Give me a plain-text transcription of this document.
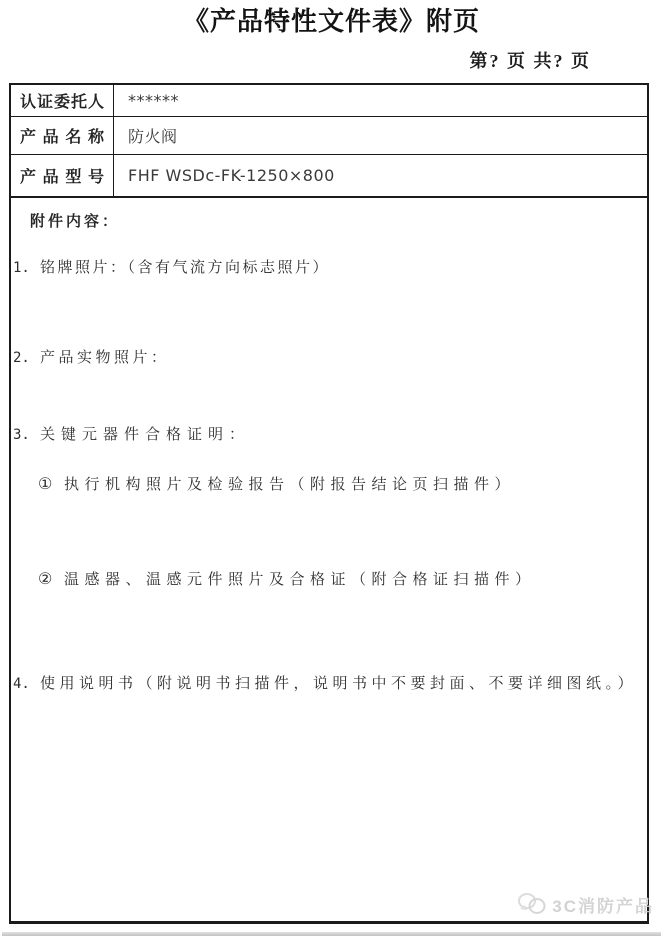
《产品特性文件表》附页
第? 页 共? 页
认证委托人	******
产品名称	防火阀
产品型号	FHF WSDc-FK-1250×800
附件内容：
1. 铭牌照片：（含有气流方向标志照片）
2. 产品实物照片：
3. 关键元器件合格证明：
① 执行机构照片及检验报告（附报告结论页扫描件）
② 温感器、温感元件照片及合格证（附合格证扫描件）
4. 使用说明书（附说明书扫描件，说明书中不要封面、不要详细图纸。）
3C消防产品
